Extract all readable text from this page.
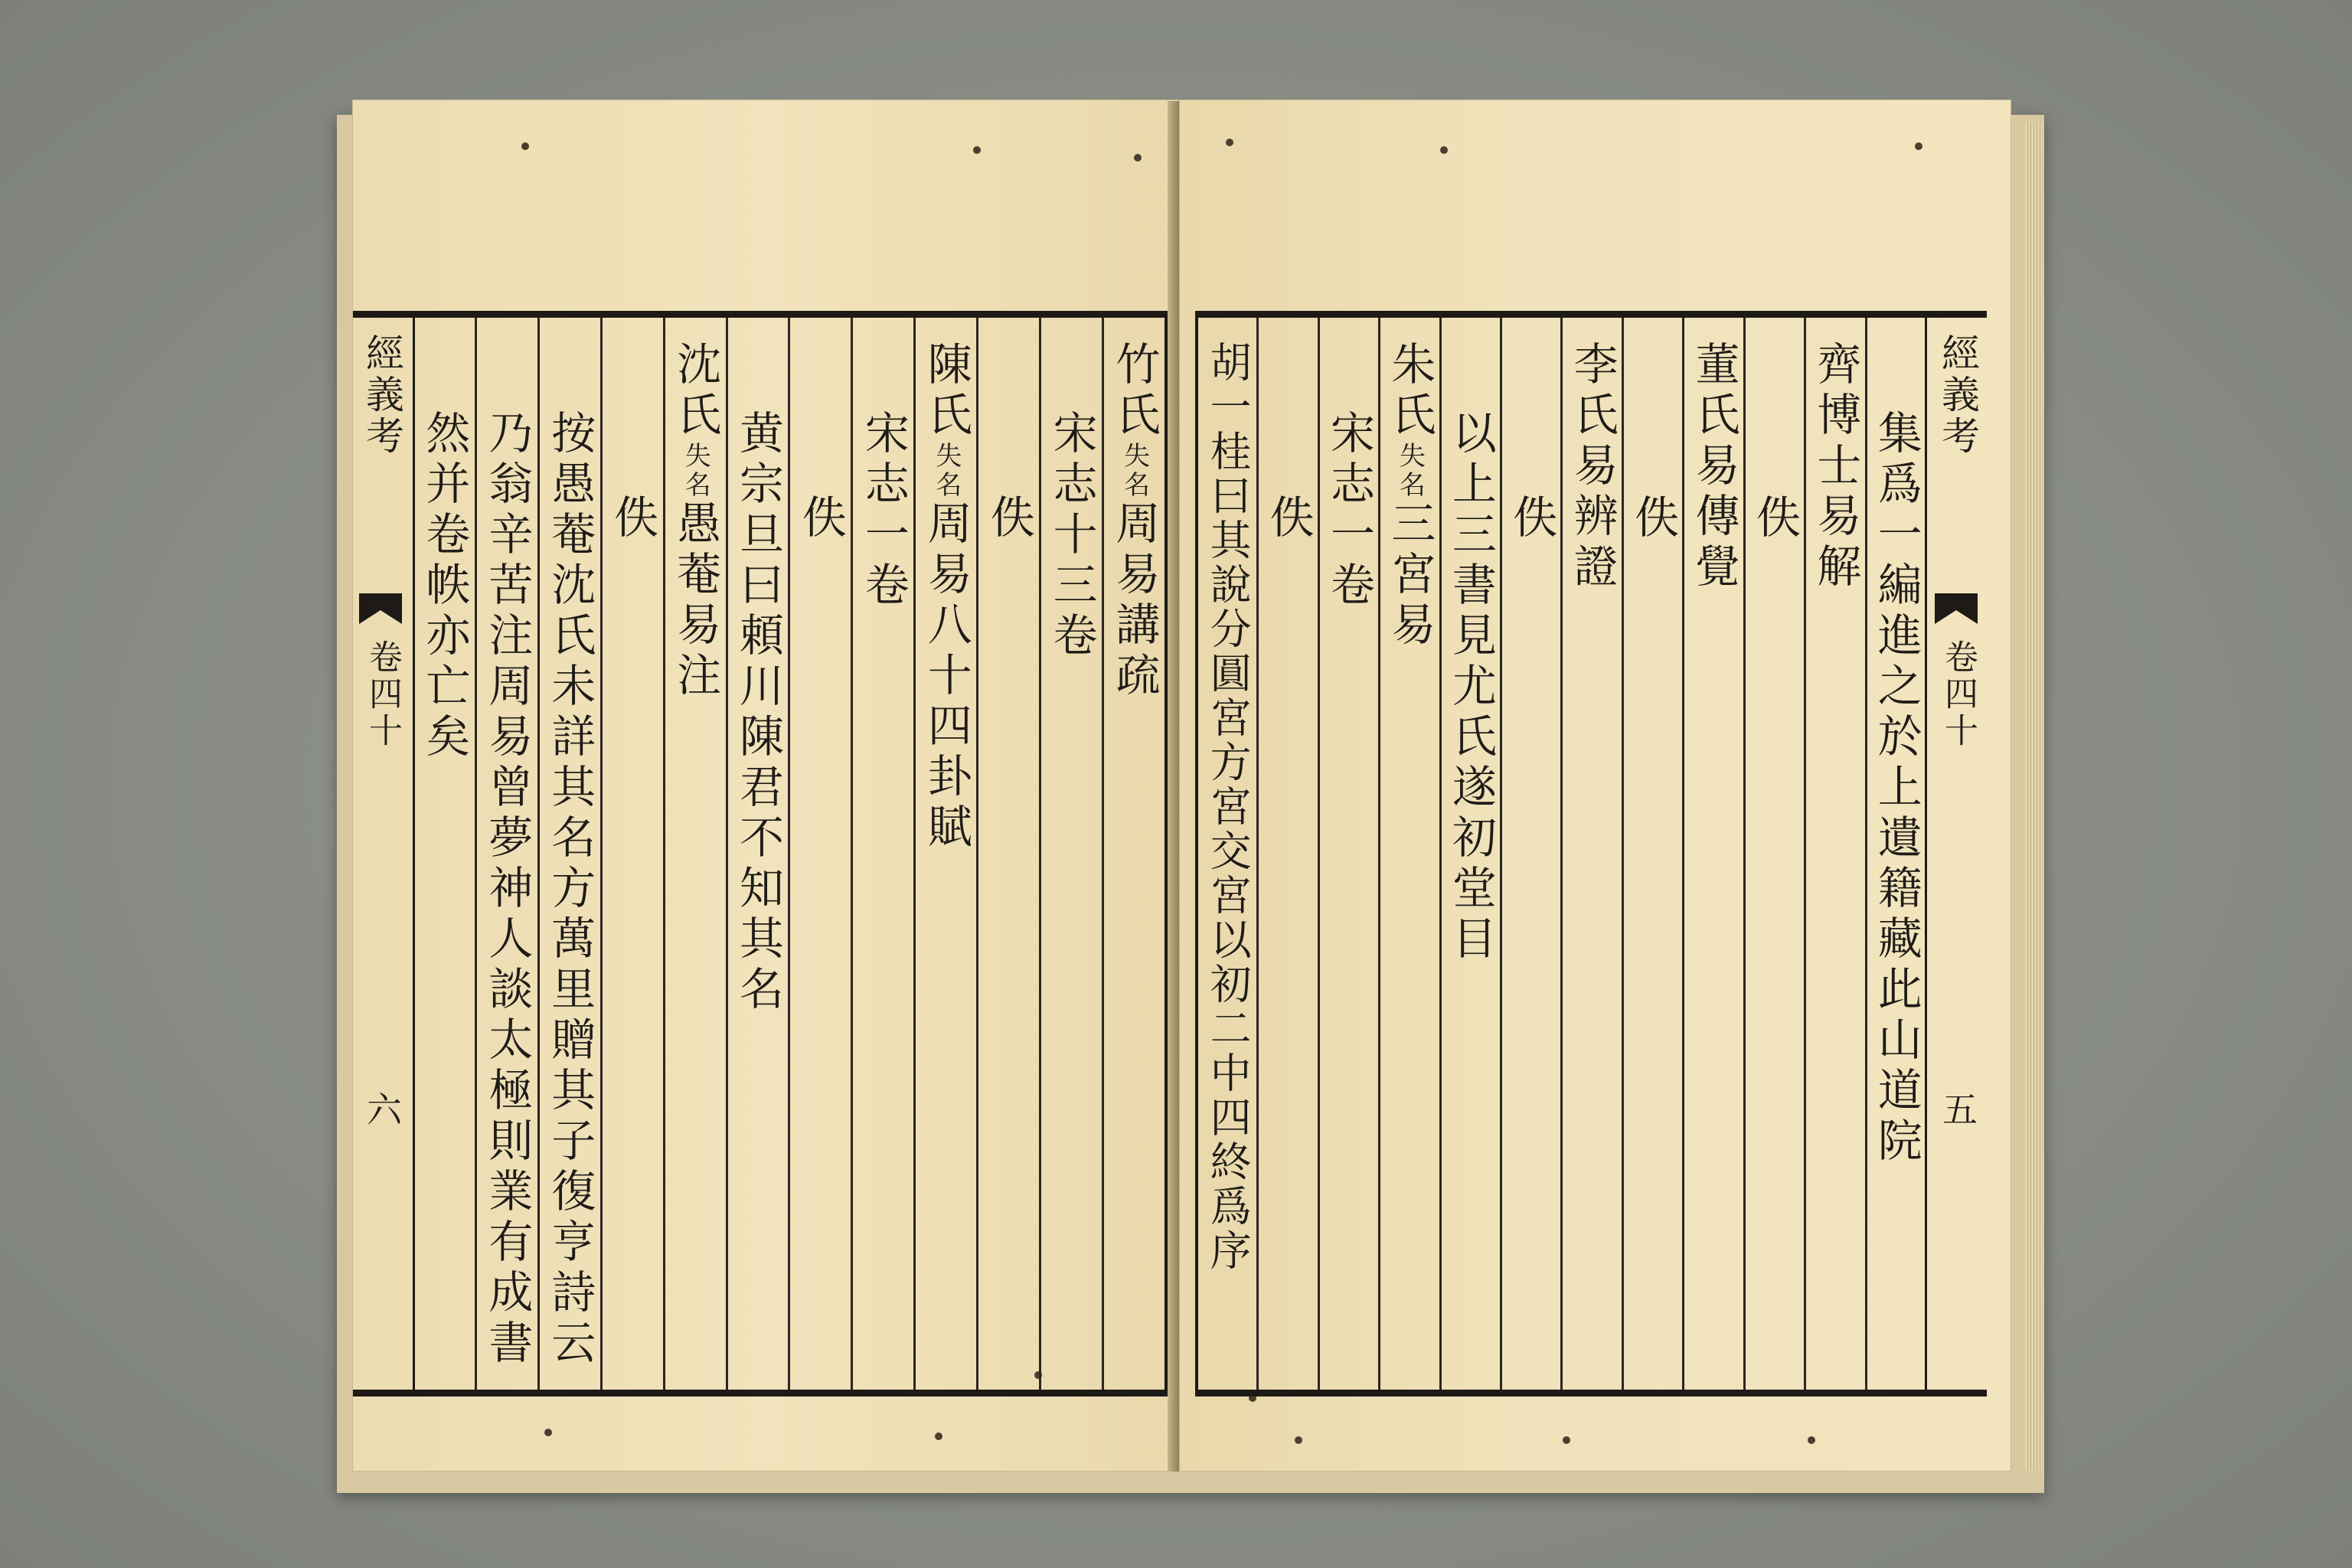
經義考
卷四十
六
竹氏失名周易講疏
宋志十三卷
佚
陳氏失名周易八十四卦賦
宋志一卷
佚
黄宗旦曰頼川陳君不知其名
沈氏失名愚菴易注
佚
按愚菴沈氏未詳其名方萬里贈其子復亨詩云
乃翁辛苦注周易曾夢神人談太極則業有成書
然并卷帙亦亡矣
經義考
卷四十
五
集爲一編進之於上遺籍藏此山道院
齊博士易解
佚
董氏易傳覺
佚
李氏易辨證
佚
以上三書見尤氏遂初堂目
朱氏失名三宮易
宋志一卷
佚
胡一桂曰其說分圓宮方宮交宮以初二中四終爲序
